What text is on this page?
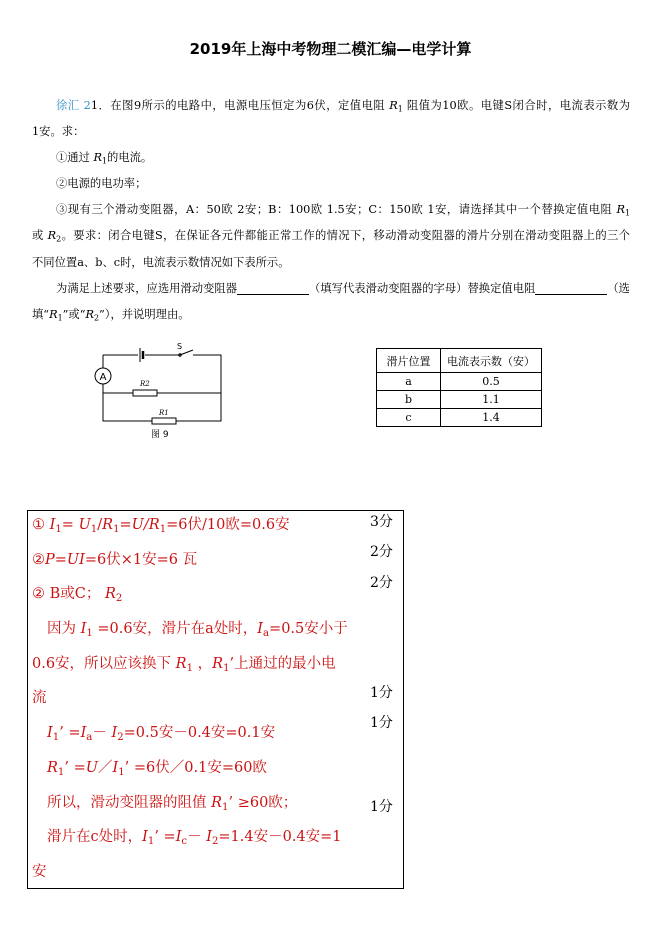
2019年上海中考物理二模汇编—电学计算
徐汇 21．在图9所示的电路中，电源电压恒定为6伏，定值电阻 $R_1$ 阻值为10欧。电键S闭合时，电流表示数为
1安。求：
①通过 $R_1$的电流。
②电源的电功率；
③现有三个滑动变阻器，A：50欧 2安；B：100欧 1.5安；C：150欧 1安，请选择其中一个替换定值电阻 $R_1$
或 $R_2$。要求：闭合电键S，在保证各元件都能正常工作的情况下，移动滑动变阻器的滑片分别在滑动变阻器上的三个
不同位置a、b、c时，电流表示数情况如下表所示。
为满足上述要求，应选用滑动变阻器	（填写代表滑动变阻器的字母）替换定值电阻	（选
填“$R_1$”或“$R_2$”），并说明理由。
A
S
R2
R1
图 9
滑片位置	电流表示数（安）
a	0.5
b	1.1
c	1.4
① $I_1= U_1/R_1=U/R_1=6$伏/10欧=0.6安
②P=UI=6伏×1安=6 瓦
② B或C； $R_2$
因为 $I_1 =0.6$安，滑片在a处时，$I_a=0.5$安小于
0.6安，所以应该换下 $R_1$ ，$R_1$’上通过的最小电
流
$I_1$’ $=I_a- I_2=0.5$安－0.4安=0.1安
$R_1$’ $=U/I_1$’ =6伏／0.1安=60欧
所以，滑动变阻器的阻值 $R_1$’ ≥60欧；
滑片在c处时，$I_1$’ $=I_c- I_2=1.4$安－0.4安=1
安
3分
2分
2分
1分
1分
1分
